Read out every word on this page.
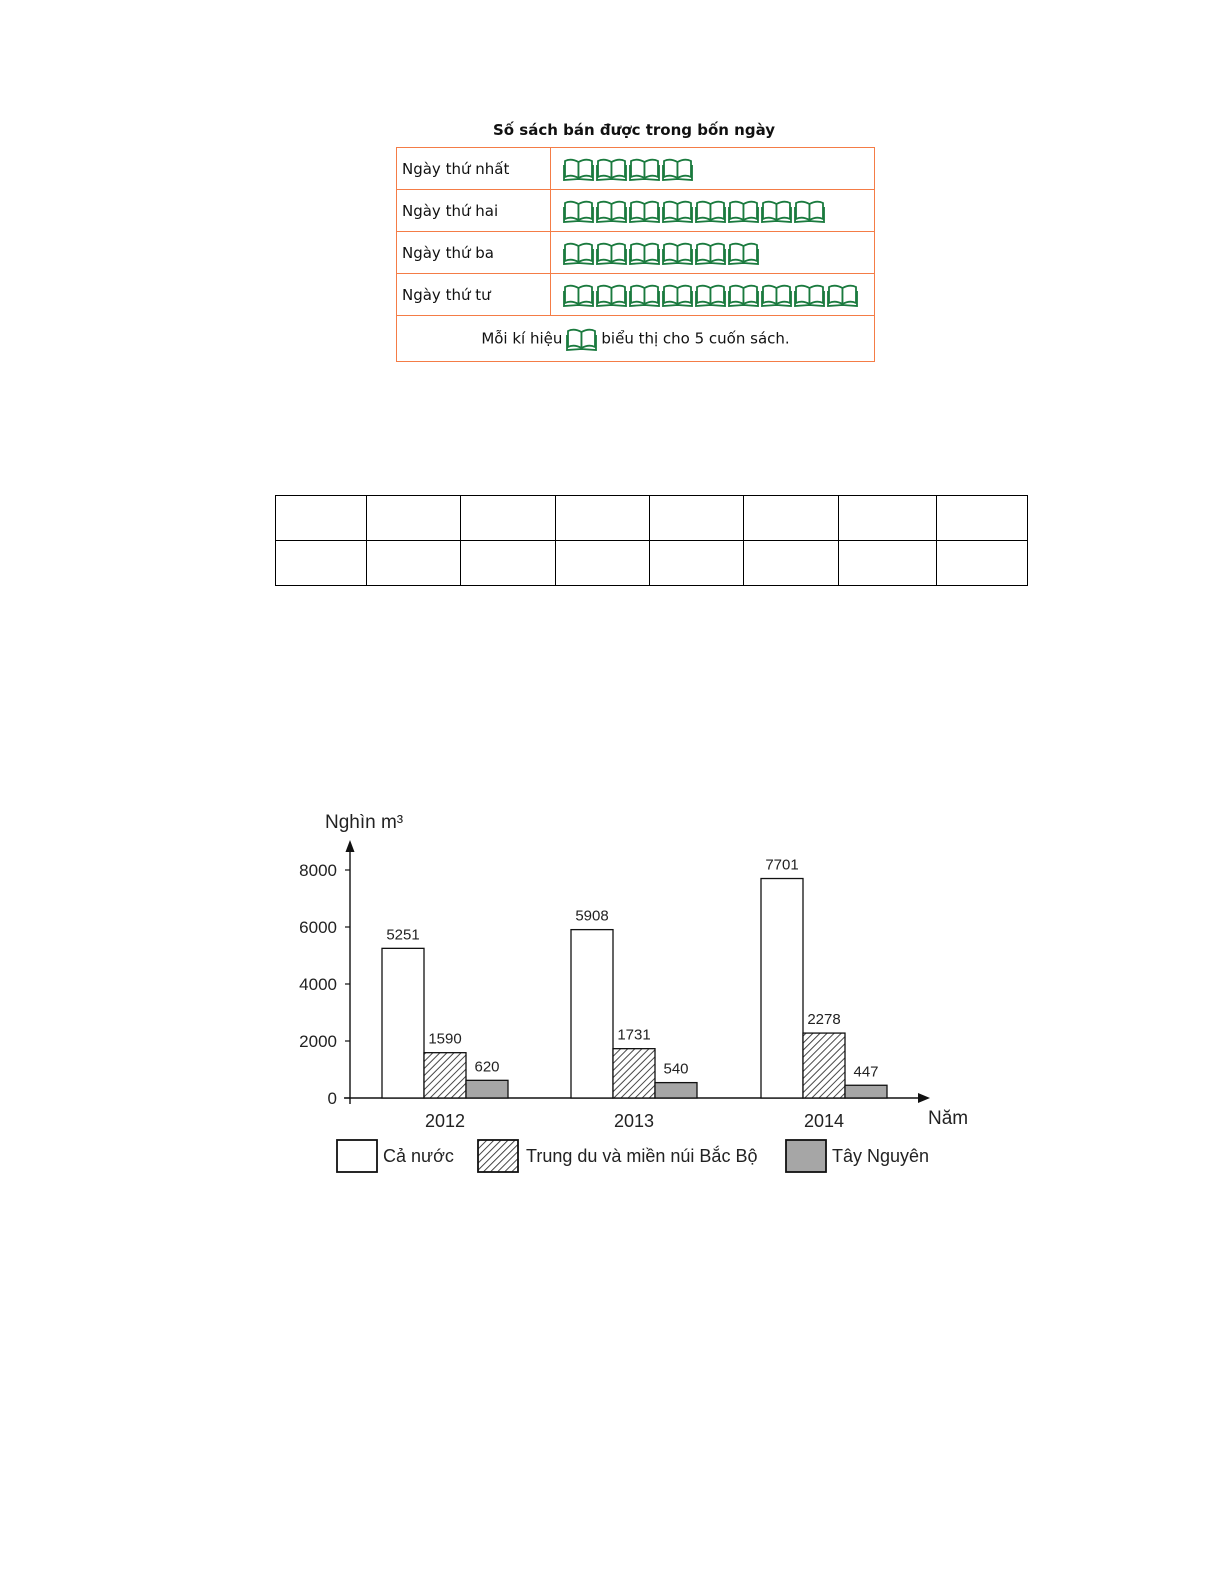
Số sách bán được trong bốn ngày
Ngày thứ nhất	

Ngày thứ hai	

Ngày thứ ba	

Ngày thứ tư	

Mỗi kí hiệu biểu thị cho 5 cuốn sách.	

0
2000
4000
6000
8000
Nghìn m³
Năm
5251
1590
620
2012
5908
1731
540
2013
7701
2278
447
2014
Cả nước	Trung du và miền núi Bắc Bộ	Tây Nguyên
